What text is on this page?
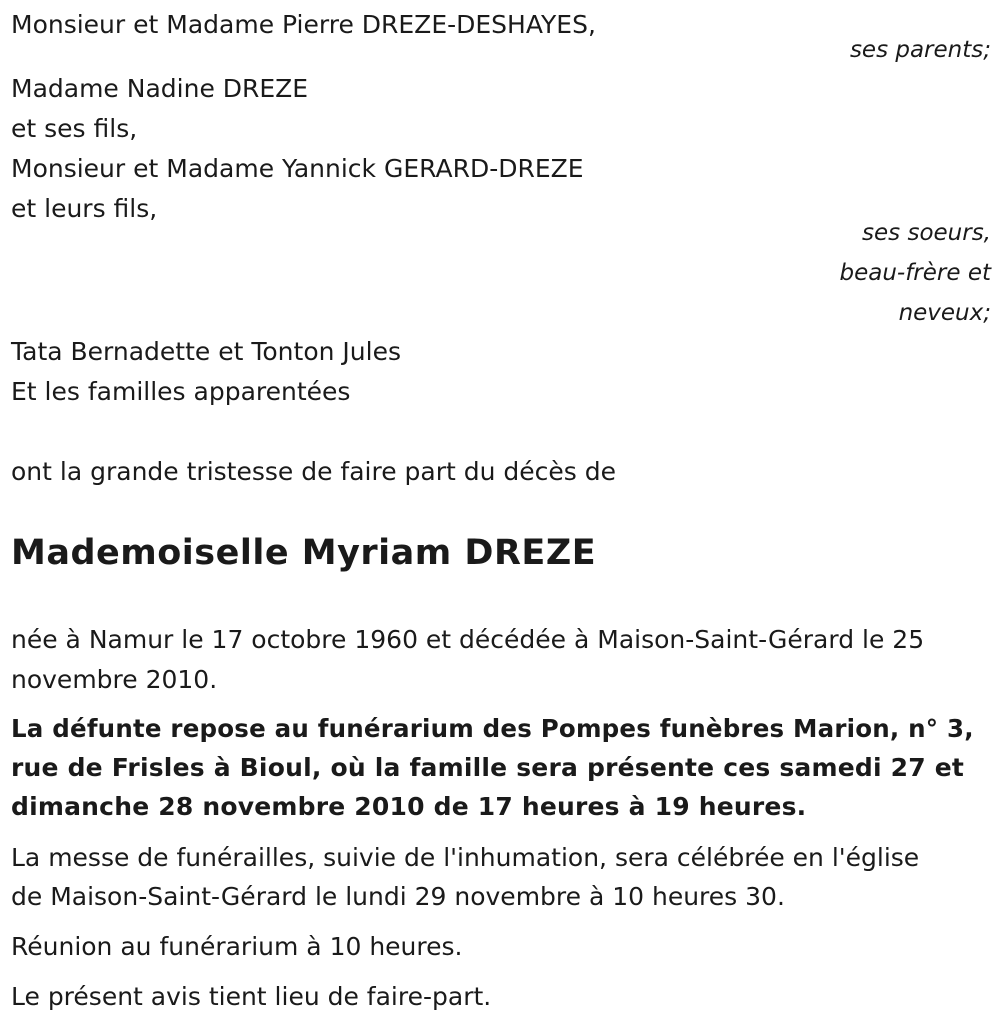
Monsieur et Madame Pierre DREZE-DESHAYES,
ses parents;
Madame Nadine DREZE
et ses fils,
Monsieur et Madame Yannick GERARD-DREZE
et leurs fils,
ses soeurs,
beau-frère et
neveux;
Tata Bernadette et Tonton Jules
Et les familles apparentées
ont la grande tristesse de faire part du décès de
Mademoiselle Myriam DREZE
née à Namur le 17 octobre 1960 et décédée à Maison-Saint-Gérard le 25
novembre 2010.
La défunte repose au funérarium des Pompes funèbres Marion, n° 3,
rue de Frisles à Bioul, où la famille sera présente ces samedi 27 et
dimanche 28 novembre 2010 de 17 heures à 19 heures.
La messe de funérailles, suivie de l'inhumation, sera célébrée en l'église
de Maison-Saint-Gérard le lundi 29 novembre à 10 heures 30.
Réunion au funérarium à 10 heures.
Le présent avis tient lieu de faire-part.
